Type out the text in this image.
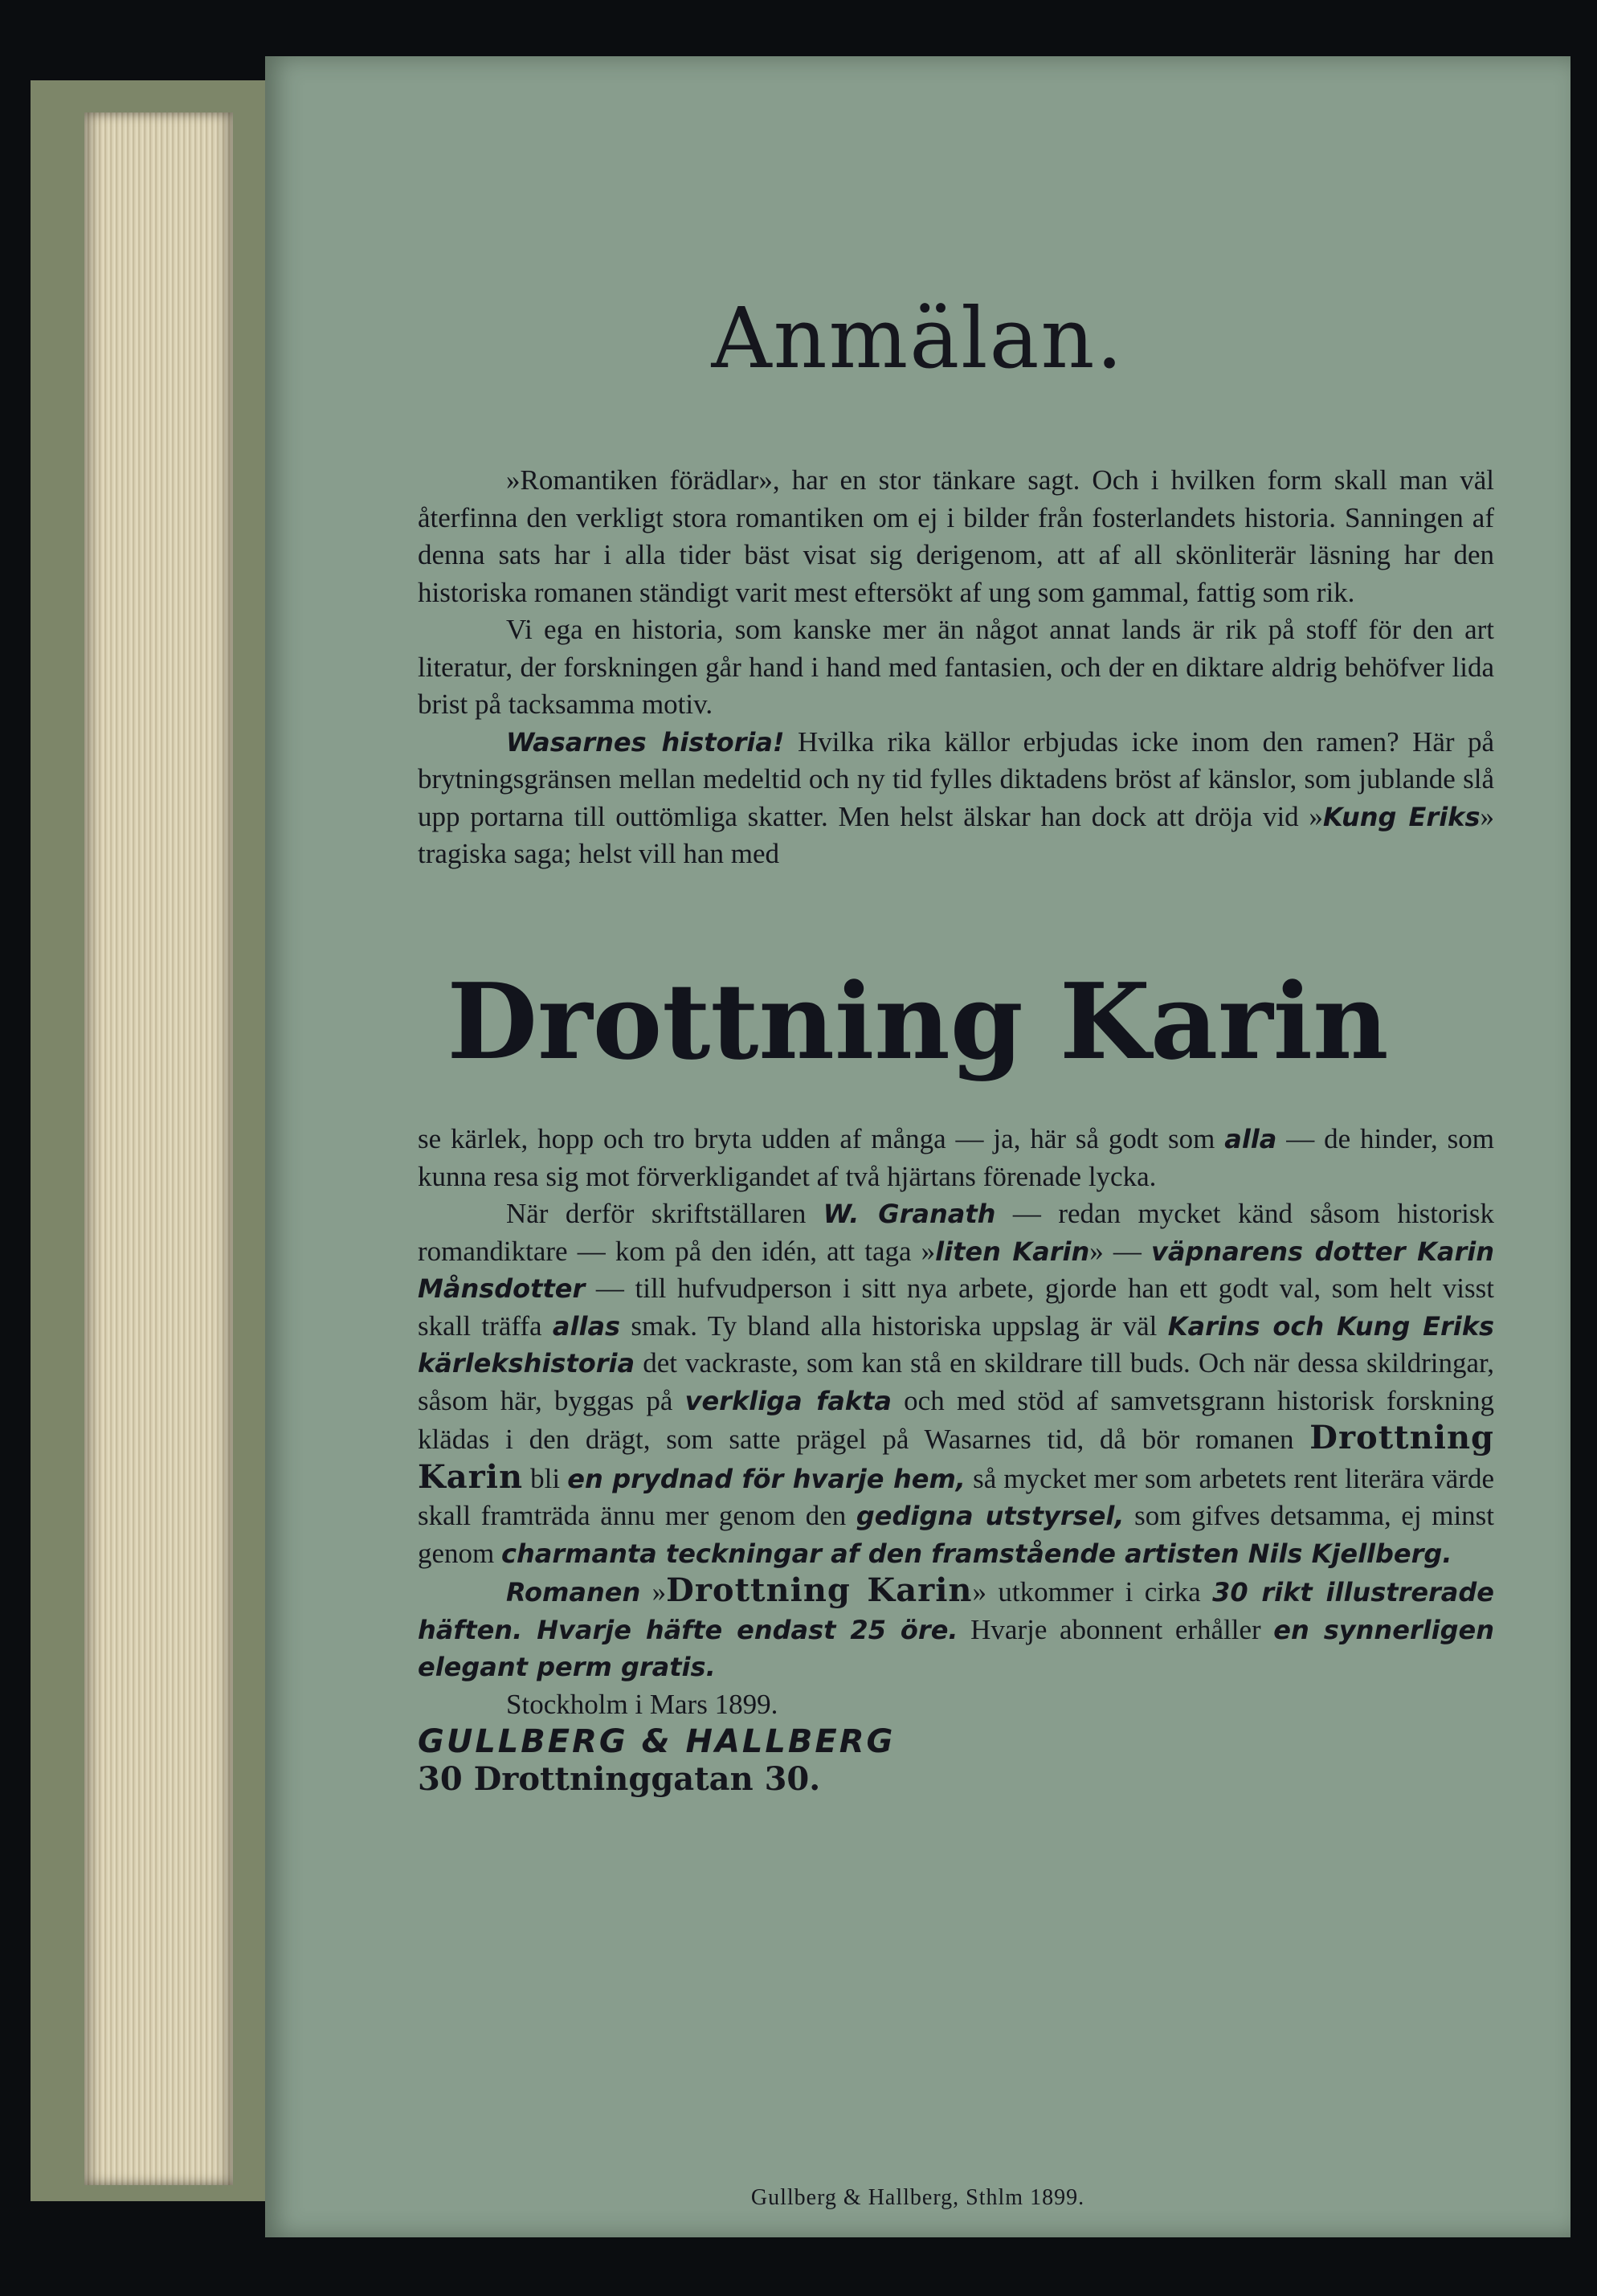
Anmälan.

»Romantiken förädlar», har en stor tänkare sagt. Och i hvilken form skall man väl återfinna den verkligt stora romantiken om ej i bilder från fosterlandets historia. Sanningen af denna sats har i alla tider bäst visat sig derigenom, att af all skönliterär läsning har den historiska romanen ständigt varit mest eftersökt af ung som gammal, fattig som rik.

Vi ega en historia, som kanske mer än något annat lands är rik på stoff för den art literatur, der forskningen går hand i hand med fantasien, och der en diktare aldrig behöfver lida brist på tacksamma motiv.

Wasarnes historia! Hvilka rika källor erbjudas icke inom den ramen? Här på brytningsgränsen mellan medeltid och ny tid fylles diktadens bröst af känslor, som jublande slå upp portarna till outtömliga skatter. Men helst älskar han dock att dröja vid »Kung Eriks» tragiska saga; helst vill han med

Drottning Karin

se kärlek, hopp och tro bryta udden af många — ja, här så godt som alla — de hinder, som kunna resa sig mot förverkligandet af två hjärtans förenade lycka.

När derför skriftställaren W. Granath — redan mycket känd såsom historisk romandiktare — kom på den idén, att taga »liten Karin» — väpnarens dotter Karin Månsdotter — till hufvudperson i sitt nya arbete, gjorde han ett godt val, som helt visst skall träffa allas smak. Ty bland alla historiska uppslag är väl Karins och Kung Eriks kärlekshistoria det vackraste, som kan stå en skildrare till buds. Och när dessa skildringar, såsom här, byggas på verkliga fakta och med stöd af samvetsgrann historisk forskning klädas i den drägt, som satte prägel på Wasarnes tid, då bör romanen Drottning Karin bli en prydnad för hvarje hem, så mycket mer som arbetets rent literära värde skall framträda ännu mer genom den gedigna utstyrsel, som gifves detsamma, ej minst genom charmanta teckningar af den framstående artisten Nils Kjellberg.

Romanen »Drottning Karin» utkommer i cirka 30 rikt illustrerade häften. Hvarje häfte endast 25 öre. Hvarje abonnent erhåller en synnerligen elegant perm gratis.

Stockholm i Mars 1899.

GULLBERG & HALLBERG

30 Drottninggatan 30.

Gullberg & Hallberg, Sthlm 1899.
